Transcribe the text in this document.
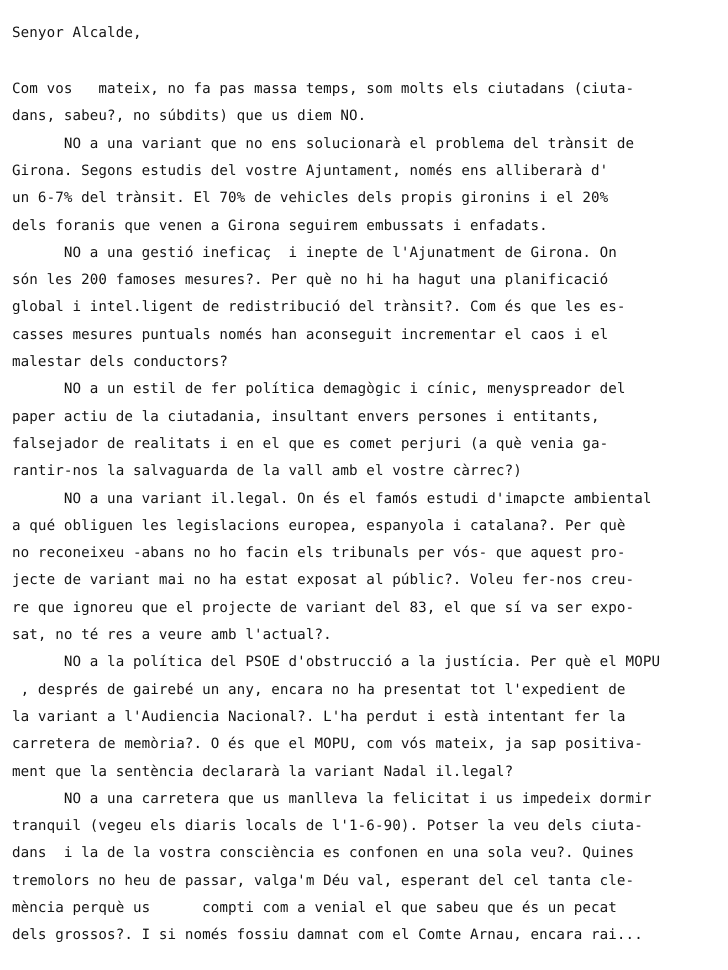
Senyor Alcalde,
Com vos   mateix, no fa pas massa temps, som molts els ciutadans (ciuta-
dans, sabeu?, no súbdits) que us diem NO.
NO a una variant que no ens solucionarà el problema del trànsit de
Girona. Segons estudis del vostre Ajuntament, només ens alliberarà d'
un 6-7% del trànsit. El 70% de vehicles dels propis gironins i el 20%
dels foranis que venen a Girona seguirem embussats i enfadats.
NO a una gestió ineficaç  i inepte de l'Ajunatment de Girona. On
són les 200 famoses mesures?. Per què no hi ha hagut una planificació
global i intel.ligent de redistribució del trànsit?. Com és que les es-
casses mesures puntuals només han aconseguit incrementar el caos i el
malestar dels conductors?
NO a un estil de fer política demagògic i cínic, menyspreador del
paper actiu de la ciutadania, insultant envers persones i entitants,
falsejador de realitats i en el que es comet perjuri (a què venia ga-
rantir-nos la salvaguarda de la vall amb el vostre càrrec?)
NO a una variant il.legal. On és el famós estudi d'imapcte ambiental
a qué obliguen les legislacions europea, espanyola i catalana?. Per què
no reconeixeu -abans no ho facin els tribunals per vós- que aquest pro-
jecte de variant mai no ha estat exposat al públic?. Voleu fer-nos creu-
re que ignoreu que el projecte de variant del 83, el que sí va ser expo-
sat, no té res a veure amb l'actual?.
NO a la política del PSOE d'obstrucció a la justícia. Per què el MOPU
, després de gairebé un any, encara no ha presentat tot l'expedient de
la variant a l'Audiencia Nacional?. L'ha perdut i està intentant fer la
carretera de memòria?. O és que el MOPU, com vós mateix, ja sap positiva-
ment que la sentència declararà la variant Nadal il.legal?
NO a una carretera que us manlleva la felicitat i us impedeix dormir
tranquil (vegeu els diaris locals de l'1-6-90). Potser la veu dels ciuta-
dans  i la de la vostra consciència es confonen en una sola veu?. Quines
tremolors no heu de passar, valga'm Déu val, esperant del cel tanta cle-
mència perquè us      compti com a venial el que sabeu que és un pecat
dels grossos?. I si només fossiu damnat com el Comte Arnau, encara rai...
